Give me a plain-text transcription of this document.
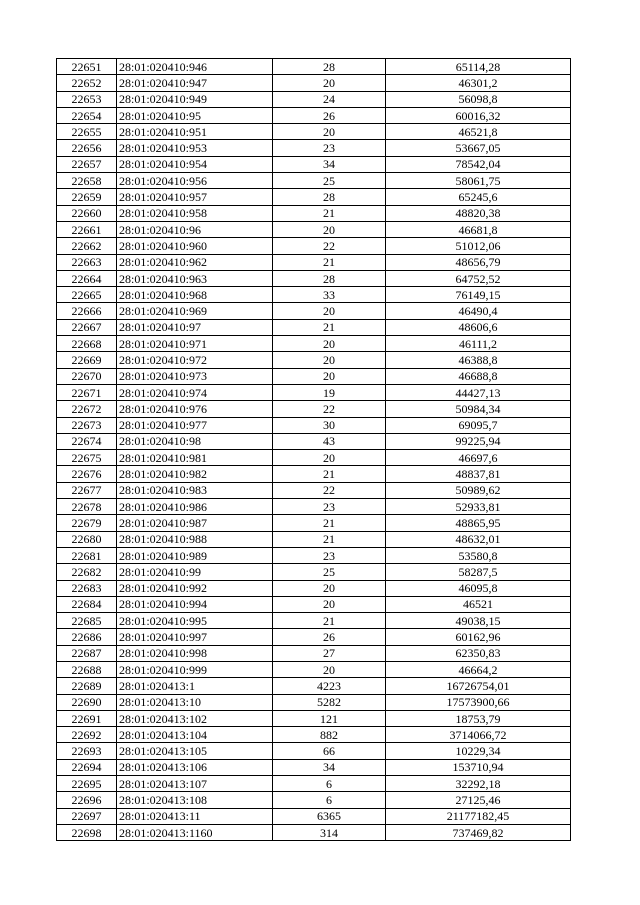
22651	28:01:020410:946	28	65114,28
22652	28:01:020410:947	20	46301,2
22653	28:01:020410:949	24	56098,8
22654	28:01:020410:95	26	60016,32
22655	28:01:020410:951	20	46521,8
22656	28:01:020410:953	23	53667,05
22657	28:01:020410:954	34	78542,04
22658	28:01:020410:956	25	58061,75
22659	28:01:020410:957	28	65245,6
22660	28:01:020410:958	21	48820,38
22661	28:01:020410:96	20	46681,8
22662	28:01:020410:960	22	51012,06
22663	28:01:020410:962	21	48656,79
22664	28:01:020410:963	28	64752,52
22665	28:01:020410:968	33	76149,15
22666	28:01:020410:969	20	46490,4
22667	28:01:020410:97	21	48606,6
22668	28:01:020410:971	20	46111,2
22669	28:01:020410:972	20	46388,8
22670	28:01:020410:973	20	46688,8
22671	28:01:020410:974	19	44427,13
22672	28:01:020410:976	22	50984,34
22673	28:01:020410:977	30	69095,7
22674	28:01:020410:98	43	99225,94
22675	28:01:020410:981	20	46697,6
22676	28:01:020410:982	21	48837,81
22677	28:01:020410:983	22	50989,62
22678	28:01:020410:986	23	52933,81
22679	28:01:020410:987	21	48865,95
22680	28:01:020410:988	21	48632,01
22681	28:01:020410:989	23	53580,8
22682	28:01:020410:99	25	58287,5
22683	28:01:020410:992	20	46095,8
22684	28:01:020410:994	20	46521
22685	28:01:020410:995	21	49038,15
22686	28:01:020410:997	26	60162,96
22687	28:01:020410:998	27	62350,83
22688	28:01:020410:999	20	46664,2
22689	28:01:020413:1	4223	16726754,01
22690	28:01:020413:10	5282	17573900,66
22691	28:01:020413:102	121	18753,79
22692	28:01:020413:104	882	3714066,72
22693	28:01:020413:105	66	10229,34
22694	28:01:020413:106	34	153710,94
22695	28:01:020413:107	6	32292,18
22696	28:01:020413:108	6	27125,46
22697	28:01:020413:11	6365	21177182,45
22698	28:01:020413:1160	314	737469,82
